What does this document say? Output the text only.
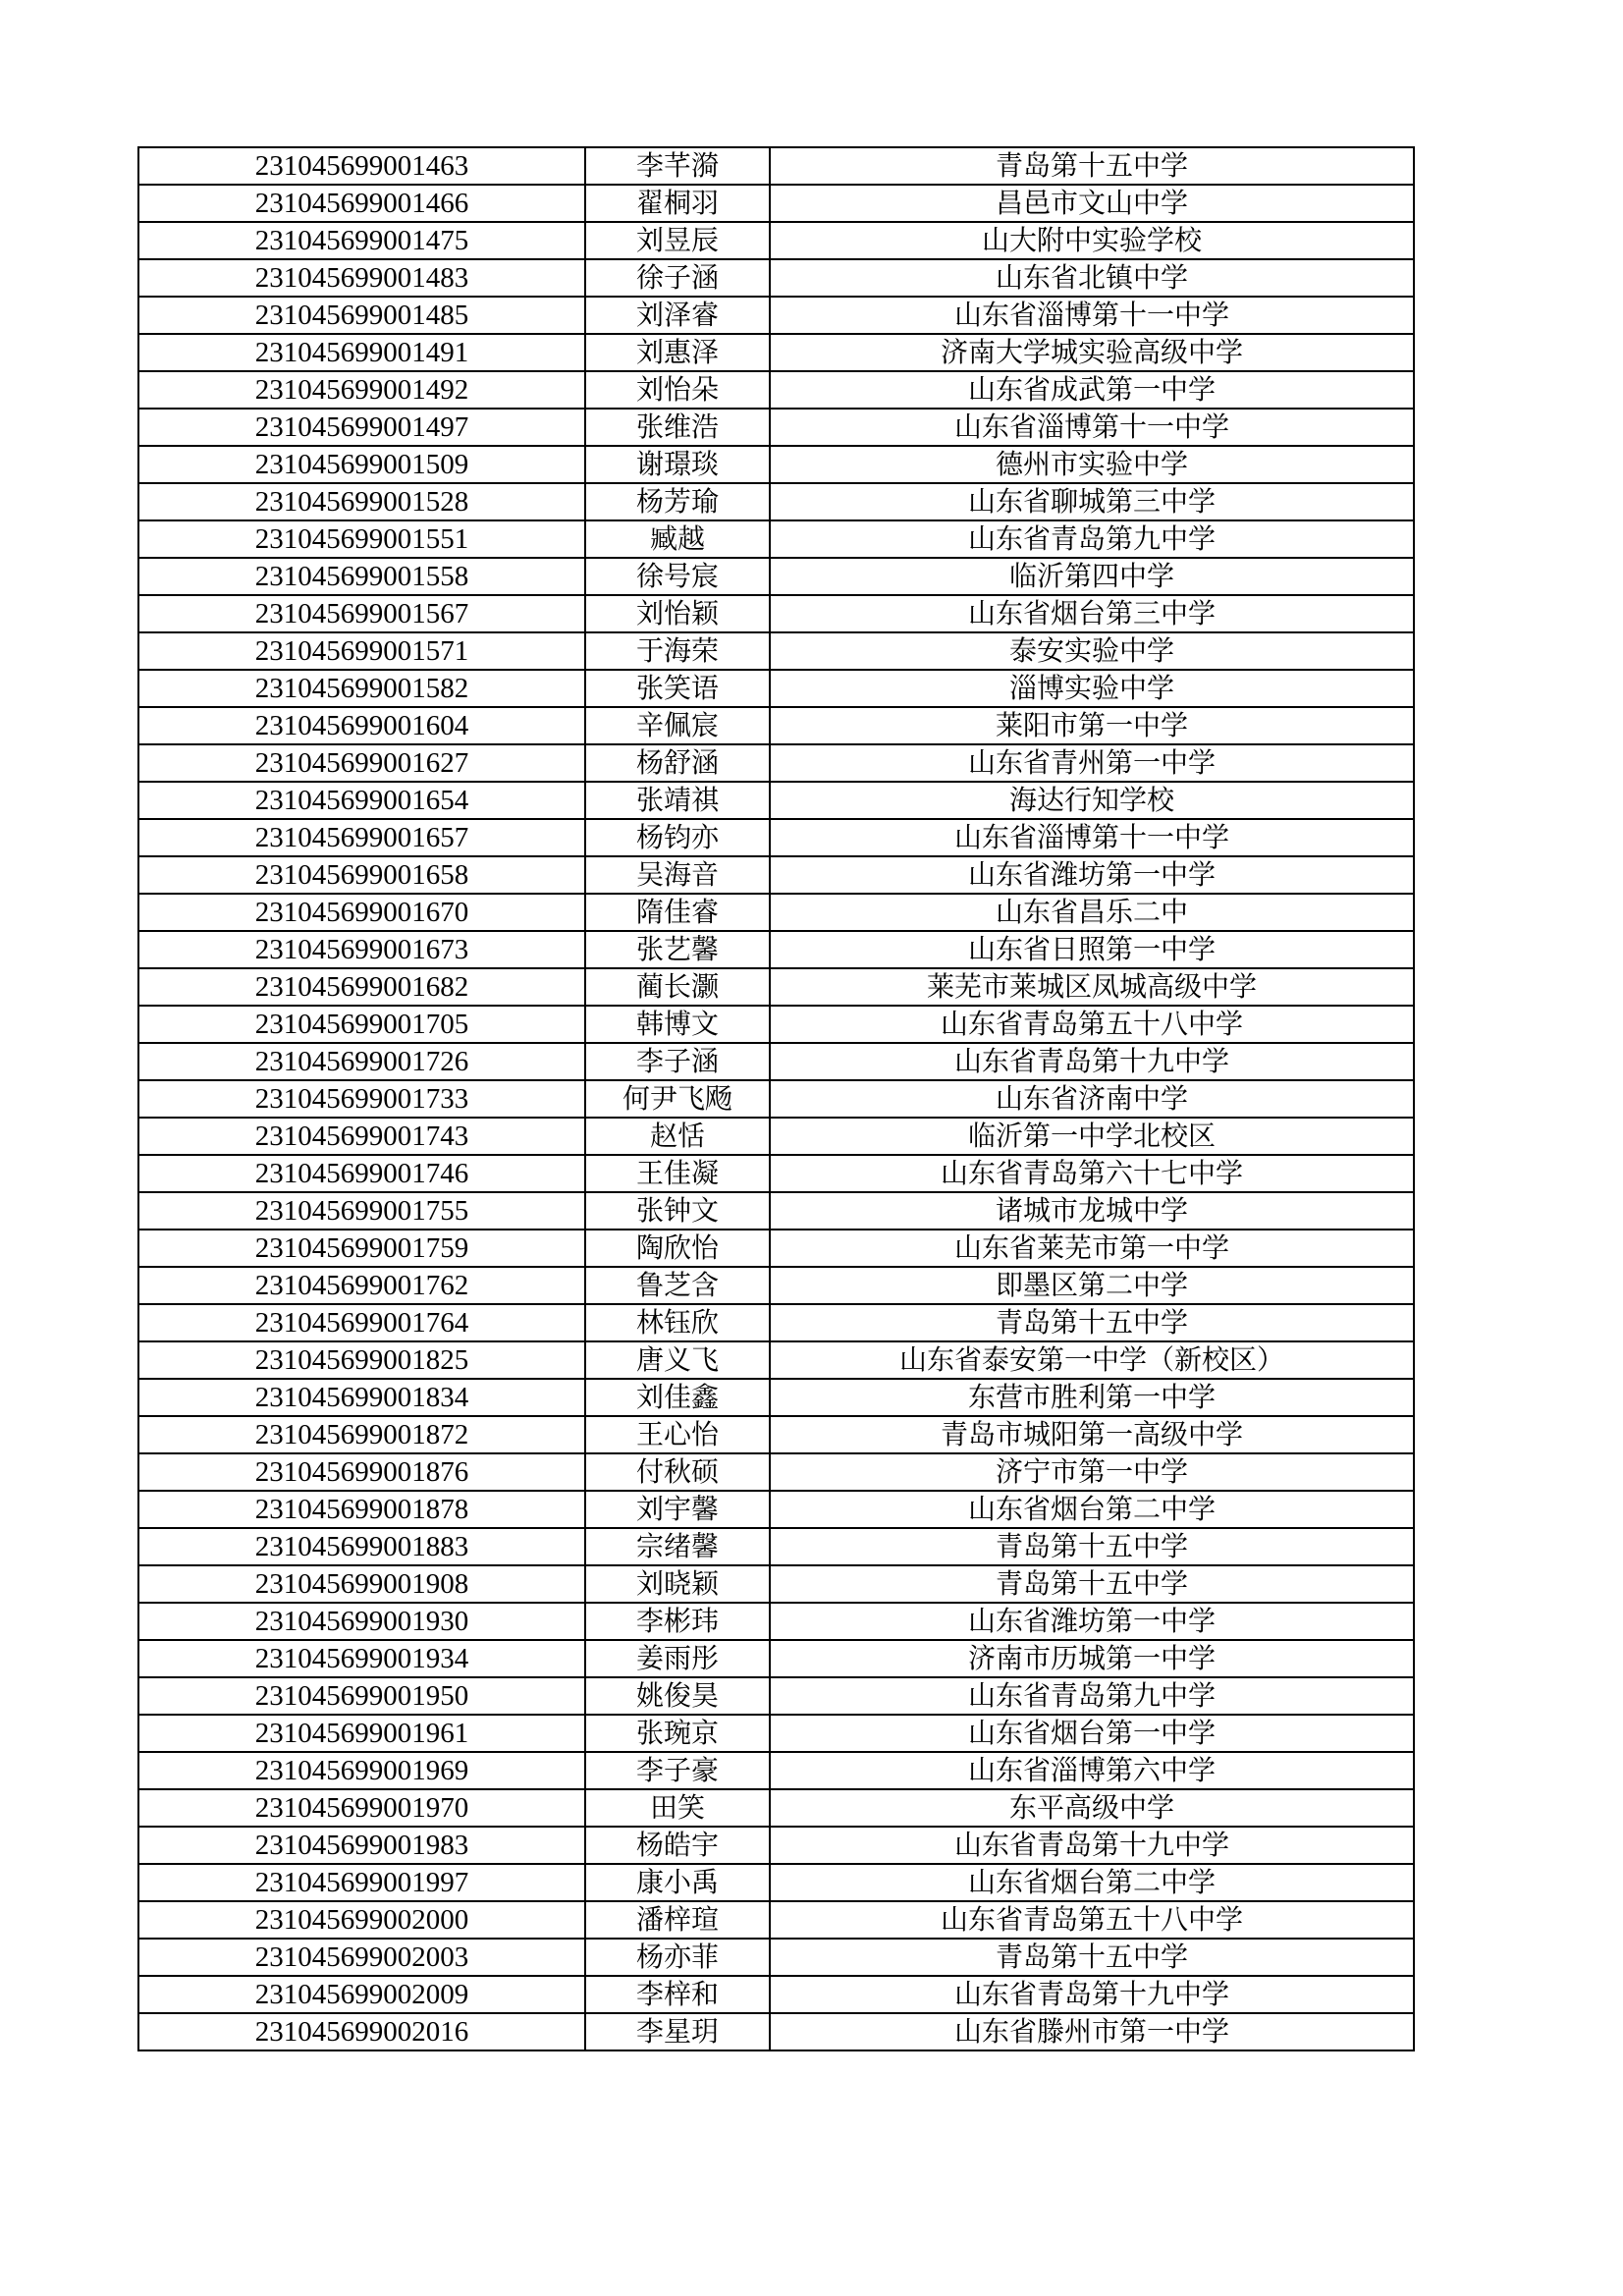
231045699001463	李芊漪	青岛第十五中学
231045699001466	翟桐羽	昌邑市文山中学
231045699001475	刘昱辰	山大附中实验学校
231045699001483	徐子涵	山东省北镇中学
231045699001485	刘泽睿	山东省淄博第十一中学
231045699001491	刘惠泽	济南大学城实验高级中学
231045699001492	刘怡朵	山东省成武第一中学
231045699001497	张维浩	山东省淄博第十一中学
231045699001509	谢璟琰	德州市实验中学
231045699001528	杨芳瑜	山东省聊城第三中学
231045699001551	臧越	山东省青岛第九中学
231045699001558	徐号宸	临沂第四中学
231045699001567	刘怡颖	山东省烟台第三中学
231045699001571	于海荣	泰安实验中学
231045699001582	张笑语	淄博实验中学
231045699001604	辛佩宸	莱阳市第一中学
231045699001627	杨舒涵	山东省青州第一中学
231045699001654	张靖祺	海达行知学校
231045699001657	杨钧亦	山东省淄博第十一中学
231045699001658	吴海音	山东省潍坊第一中学
231045699001670	隋佳睿	山东省昌乐二中
231045699001673	张艺馨	山东省日照第一中学
231045699001682	蔺长灏	莱芜市莱城区凤城高级中学
231045699001705	韩博文	山东省青岛第五十八中学
231045699001726	李子涵	山东省青岛第十九中学
231045699001733	何尹飞飏	山东省济南中学
231045699001743	赵恬	临沂第一中学北校区
231045699001746	王佳凝	山东省青岛第六十七中学
231045699001755	张钟文	诸城市龙城中学
231045699001759	陶欣怡	山东省莱芜市第一中学
231045699001762	鲁芝含	即墨区第二中学
231045699001764	林钰欣	青岛第十五中学
231045699001825	唐义飞	山东省泰安第一中学（新校区）
231045699001834	刘佳鑫	东营市胜利第一中学
231045699001872	王心怡	青岛市城阳第一高级中学
231045699001876	付秋硕	济宁市第一中学
231045699001878	刘宇馨	山东省烟台第二中学
231045699001883	宗绪馨	青岛第十五中学
231045699001908	刘晓颖	青岛第十五中学
231045699001930	李彬玮	山东省潍坊第一中学
231045699001934	姜雨彤	济南市历城第一中学
231045699001950	姚俊昊	山东省青岛第九中学
231045699001961	张琬京	山东省烟台第一中学
231045699001969	李子豪	山东省淄博第六中学
231045699001970	田笑	东平高级中学
231045699001983	杨皓宇	山东省青岛第十九中学
231045699001997	康小禹	山东省烟台第二中学
231045699002000	潘梓瑄	山东省青岛第五十八中学
231045699002003	杨亦菲	青岛第十五中学
231045699002009	李梓和	山东省青岛第十九中学
231045699002016	李星玥	山东省滕州市第一中学
